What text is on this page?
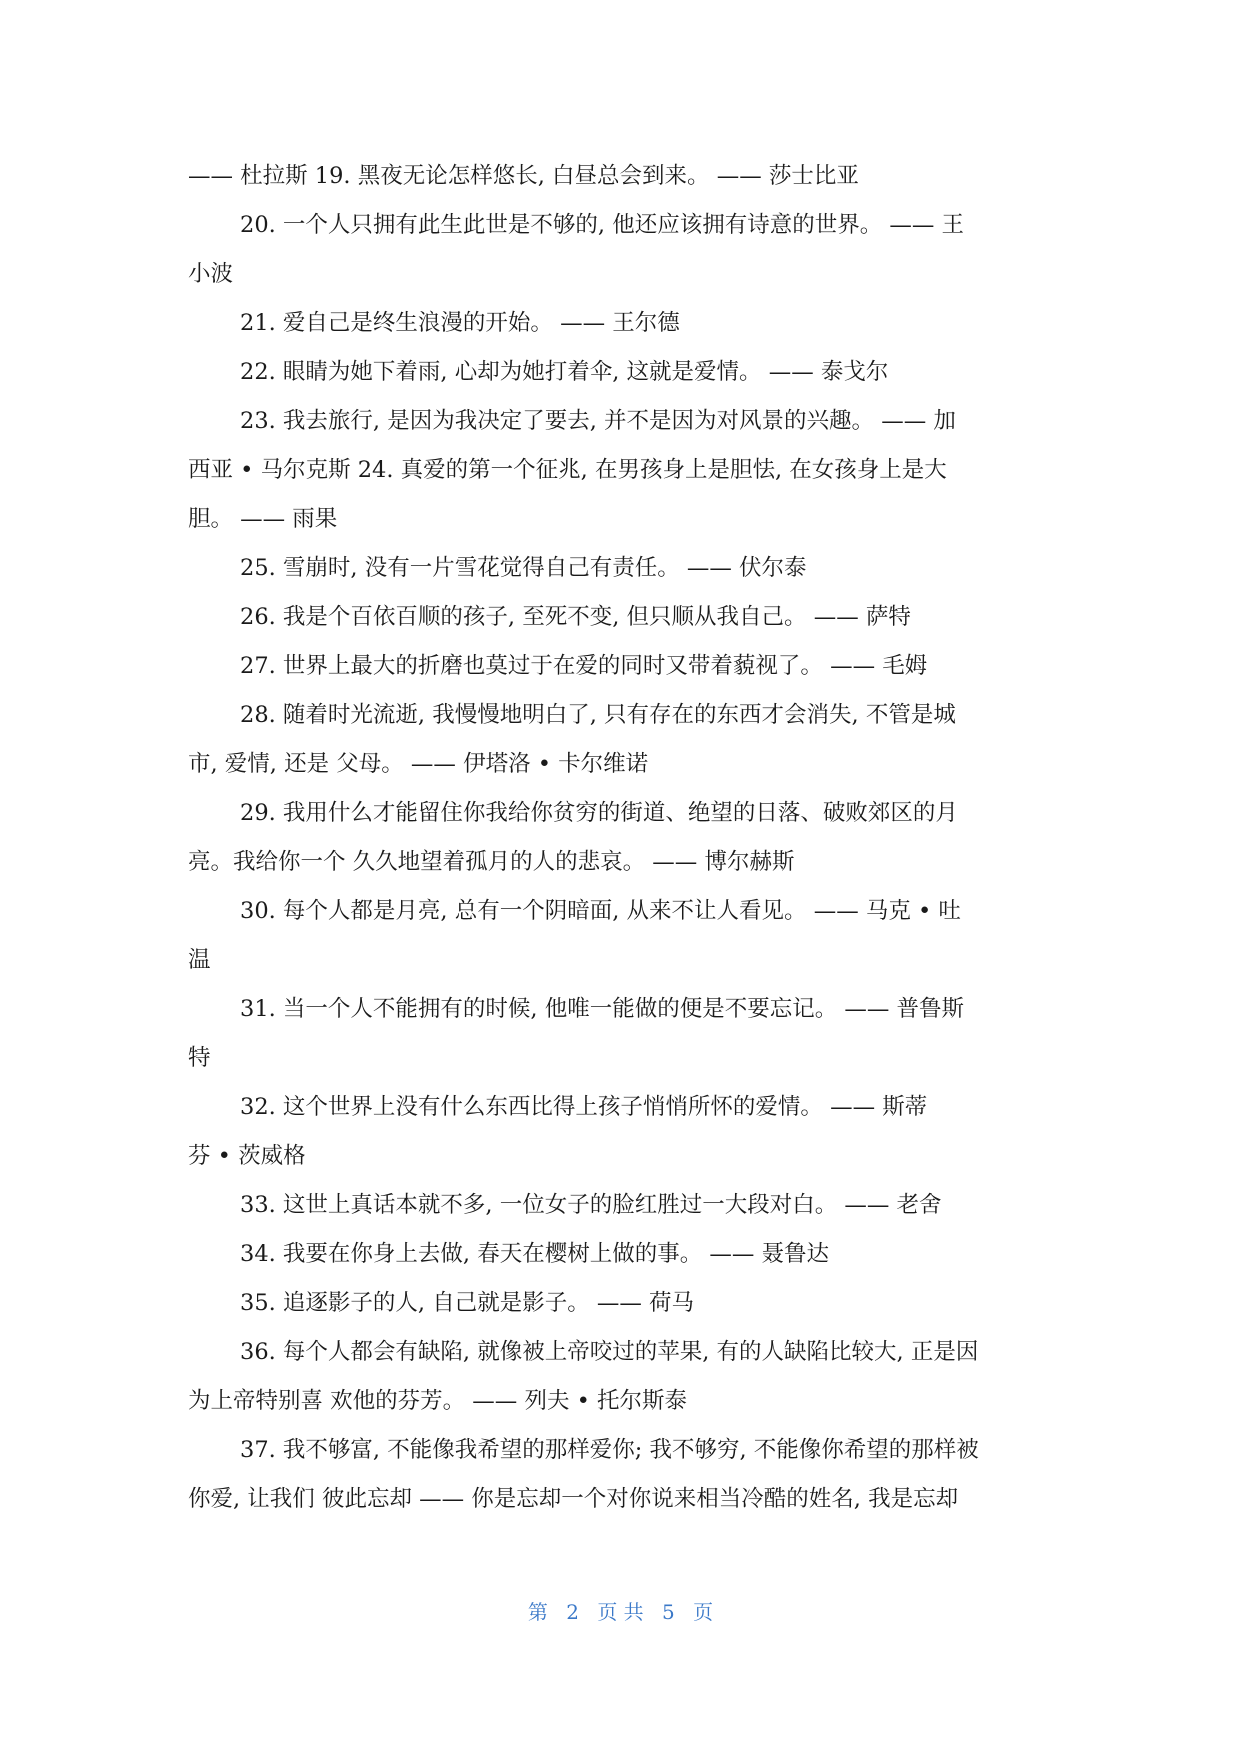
—— 杜拉斯 19. 黑夜无论怎样悠长, 白昼总会到来。 —— 莎士比亚
20. 一个人只拥有此生此世是不够的, 他还应该拥有诗意的世界。 —— 王
小波
21. 爱自己是终生浪漫的开始。 —— 王尔德
22. 眼睛为她下着雨, 心却为她打着伞, 这就是爱情。 —— 泰戈尔
23. 我去旅行, 是因为我决定了要去, 并不是因为对风景的兴趣。 —— 加
西亚 • 马尔克斯 24. 真爱的第一个征兆, 在男孩身上是胆怯, 在女孩身上是大
胆。 —— 雨果
25. 雪崩时, 没有一片雪花觉得自己有责任。 —— 伏尔泰
26. 我是个百依百顺的孩子, 至死不变, 但只顺从我自己。 —— 萨特
27. 世界上最大的折磨也莫过于在爱的同时又带着藐视了。 —— 毛姆
28. 随着时光流逝, 我慢慢地明白了, 只有存在的东西才会消失, 不管是城
市, 爱情, 还是 父母。 —— 伊塔洛 • 卡尔维诺
29. 我用什么才能留住你我给你贫穷的街道、绝望的日落、破败郊区的月
亮。我给你一个 久久地望着孤月的人的悲哀。 —— 博尔赫斯
30. 每个人都是月亮, 总有一个阴暗面, 从来不让人看见。 —— 马克 • 吐
温
31. 当一个人不能拥有的时候, 他唯一能做的便是不要忘记。 —— 普鲁斯
特
32. 这个世界上没有什么东西比得上孩子悄悄所怀的爱情。 —— 斯蒂
芬 • 茨威格
33. 这世上真话本就不多, 一位女子的脸红胜过一大段对白。 —— 老舍
34. 我要在你身上去做, 春天在樱树上做的事。 —— 聂鲁达
35. 追逐影子的人, 自己就是影子。 —— 荷马
36. 每个人都会有缺陷, 就像被上帝咬过的苹果, 有的人缺陷比较大, 正是因
为上帝特别喜 欢他的芬芳。 —— 列夫 • 托尔斯泰
37. 我不够富, 不能像我希望的那样爱你; 我不够穷, 不能像你希望的那样被
你爱, 让我们 彼此忘却 —— 你是忘却一个对你说来相当冷酷的姓名, 我是忘却
第 2 页 共 5 页
